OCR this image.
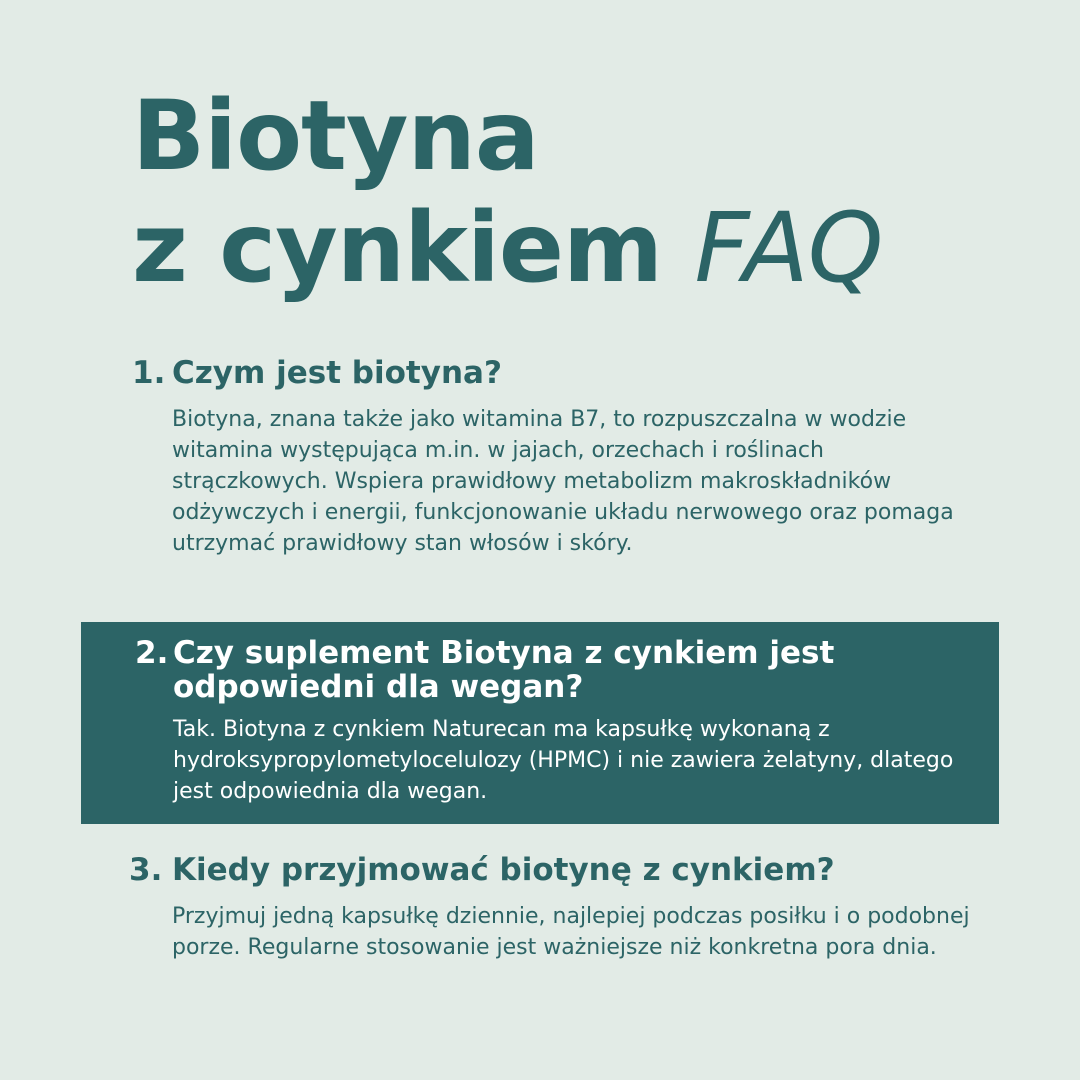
Biotyna
z cynkiem FAQ
1. Czym jest biotyna?

Biotyna, znana także jako witamina B7, to rozpuszczalna w wodzie witamina występująca m.in. w jajach, orzechach i roślinach strączkowych. Wspiera prawidłowy metabolizm makroskładników odżywczych i energii, funkcjonowanie układu nerwowego oraz pomaga utrzymać prawidłowy stan włosów i skóry.

2. Czy suplement Biotyna z cynkiem jest odpowiedni dla wegan?

Tak. Biotyna z cynkiem Naturecan ma kapsułkę wykonaną z hydroksypropylometylocelulozy (HPMC) i nie zawiera żelatyny, dlatego jest odpowiednia dla wegan.

3. Kiedy przyjmować biotynę z cynkiem?

Przyjmuj jedną kapsułkę dziennie, najlepiej podczas posiłku i o podobnej porze. Regularne stosowanie jest ważniejsze niż konkretna pora dnia.
